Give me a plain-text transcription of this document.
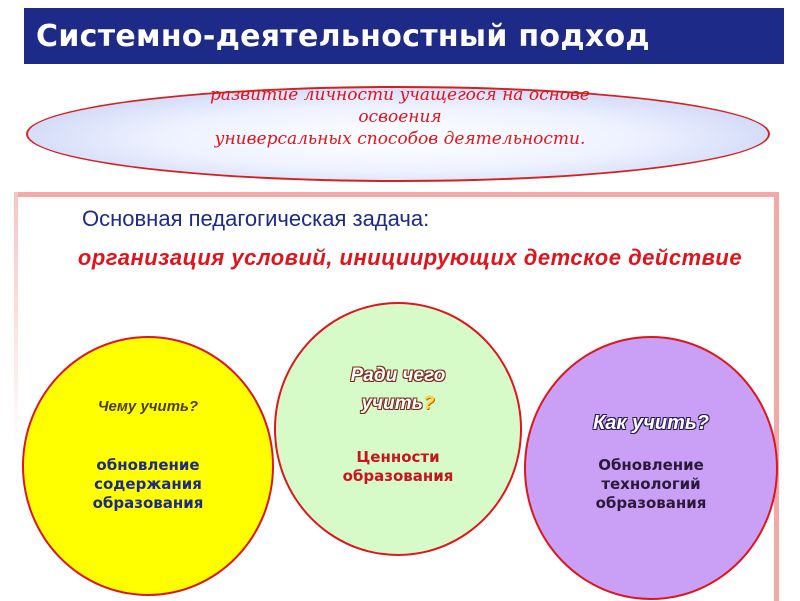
Системно-деятельностный подход
развитие личности учащегося на основе
освоения
универсальных способов деятельности.
Основная педагогическая задача:
организация условий, инициирующих детское действие
Чему учить?
обновление
содержания
образования
Ради чего
учить?
Ценности
образования
Как учить?
Обновление
технологий
образования
